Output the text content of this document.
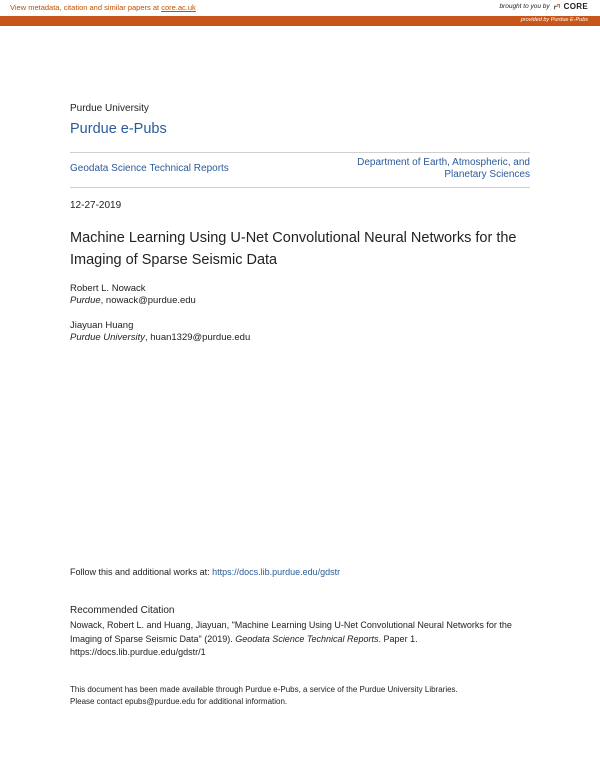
View metadata, citation and similar papers at core.ac.uk	brought to you by CORE
provided by Purdue E-Pubs
Purdue University
Purdue e-Pubs
Geodata Science Technical Reports
Department of Earth, Atmospheric, and
Planetary Sciences
12-27-2019
Machine Learning Using U-Net Convolutional Neural Networks for the Imaging of Sparse Seismic Data
Robert L. Nowack
Purdue, nowack@purdue.edu
Jiayuan Huang
Purdue University, huan1329@purdue.edu
Follow this and additional works at: https://docs.lib.purdue.edu/gdstr
Recommended Citation
Nowack, Robert L. and Huang, Jiayuan, "Machine Learning Using U-Net Convolutional Neural Networks for the Imaging of Sparse Seismic Data" (2019). Geodata Science Technical Reports. Paper 1.
https://docs.lib.purdue.edu/gdstr/1
This document has been made available through Purdue e-Pubs, a service of the Purdue University Libraries.
Please contact epubs@purdue.edu for additional information.
